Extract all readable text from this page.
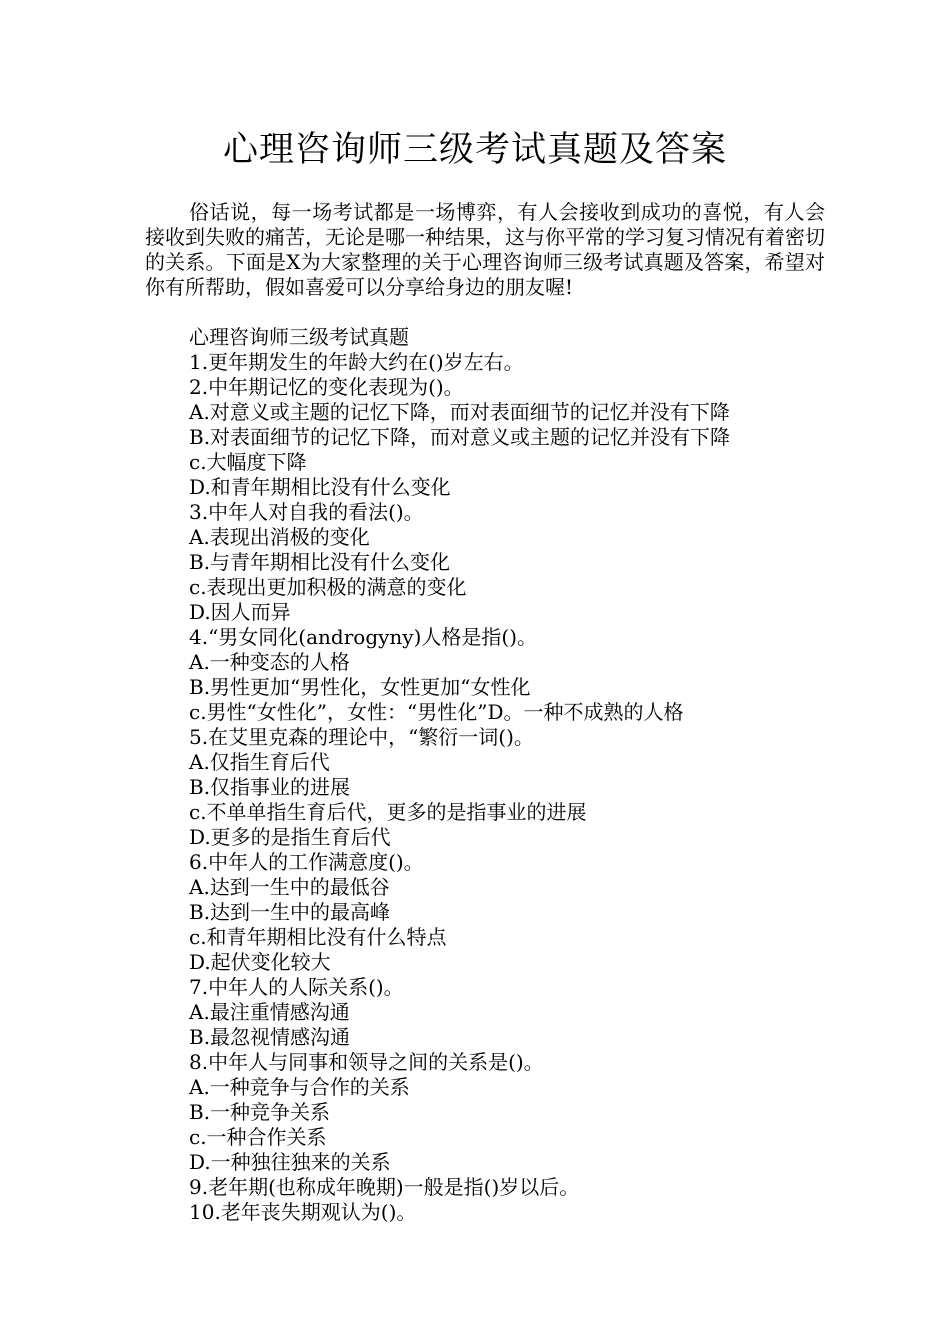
心理咨询师三级考试真题及答案

俗话说，每一场考试都是一场博弈，有人会接收到成功的喜悦，有人会接收到失败的痛苦，无论是哪一种结果，这与你平常的学习复习情况有着密切的关系。下面是X为大家整理的关于心理咨询师三级考试真题及答案，希望对你有所帮助，假如喜爱可以分享给身边的朋友喔!

心理咨询师三级考试真题
1.更年期发生的年龄大约在()岁左右。
2.中年期记忆的变化表现为()。
A.对意义或主题的记忆下降，而对表面细节的记忆并没有下降
B.对表面细节的记忆下降，而对意义或主题的记忆并没有下降
c.大幅度下降
D.和青年期相比没有什么变化
3.中年人对自我的看法()。
A.表现出消极的变化
B.与青年期相比没有什么变化
c.表现出更加积极的满意的变化
D.因人而异
4.“男女同化(androgyny)人格是指()。
A.一种变态的人格
B.男性更加“男性化，女性更加“女性化
c.男性“女性化”，女性：“男性化”D。一种不成熟的人格
5.在艾里克森的理论中，“繁衍一词()。
A.仅指生育后代
B.仅指事业的进展
c.不单单指生育后代，更多的是指事业的进展
D.更多的是指生育后代
6.中年人的工作满意度()。
A.达到一生中的最低谷
B.达到一生中的最高峰
c.和青年期相比没有什么特点
D.起伏变化较大
7.中年人的人际关系()。
A.最注重情感沟通
B.最忽视情感沟通
8.中年人与同事和领导之间的关系是()。
A.一种竞争与合作的关系
B.一种竞争关系
c.一种合作关系
D.一种独往独来的关系
9.老年期(也称成年晚期)一般是指()岁以后。
10.老年丧失期观认为()。
